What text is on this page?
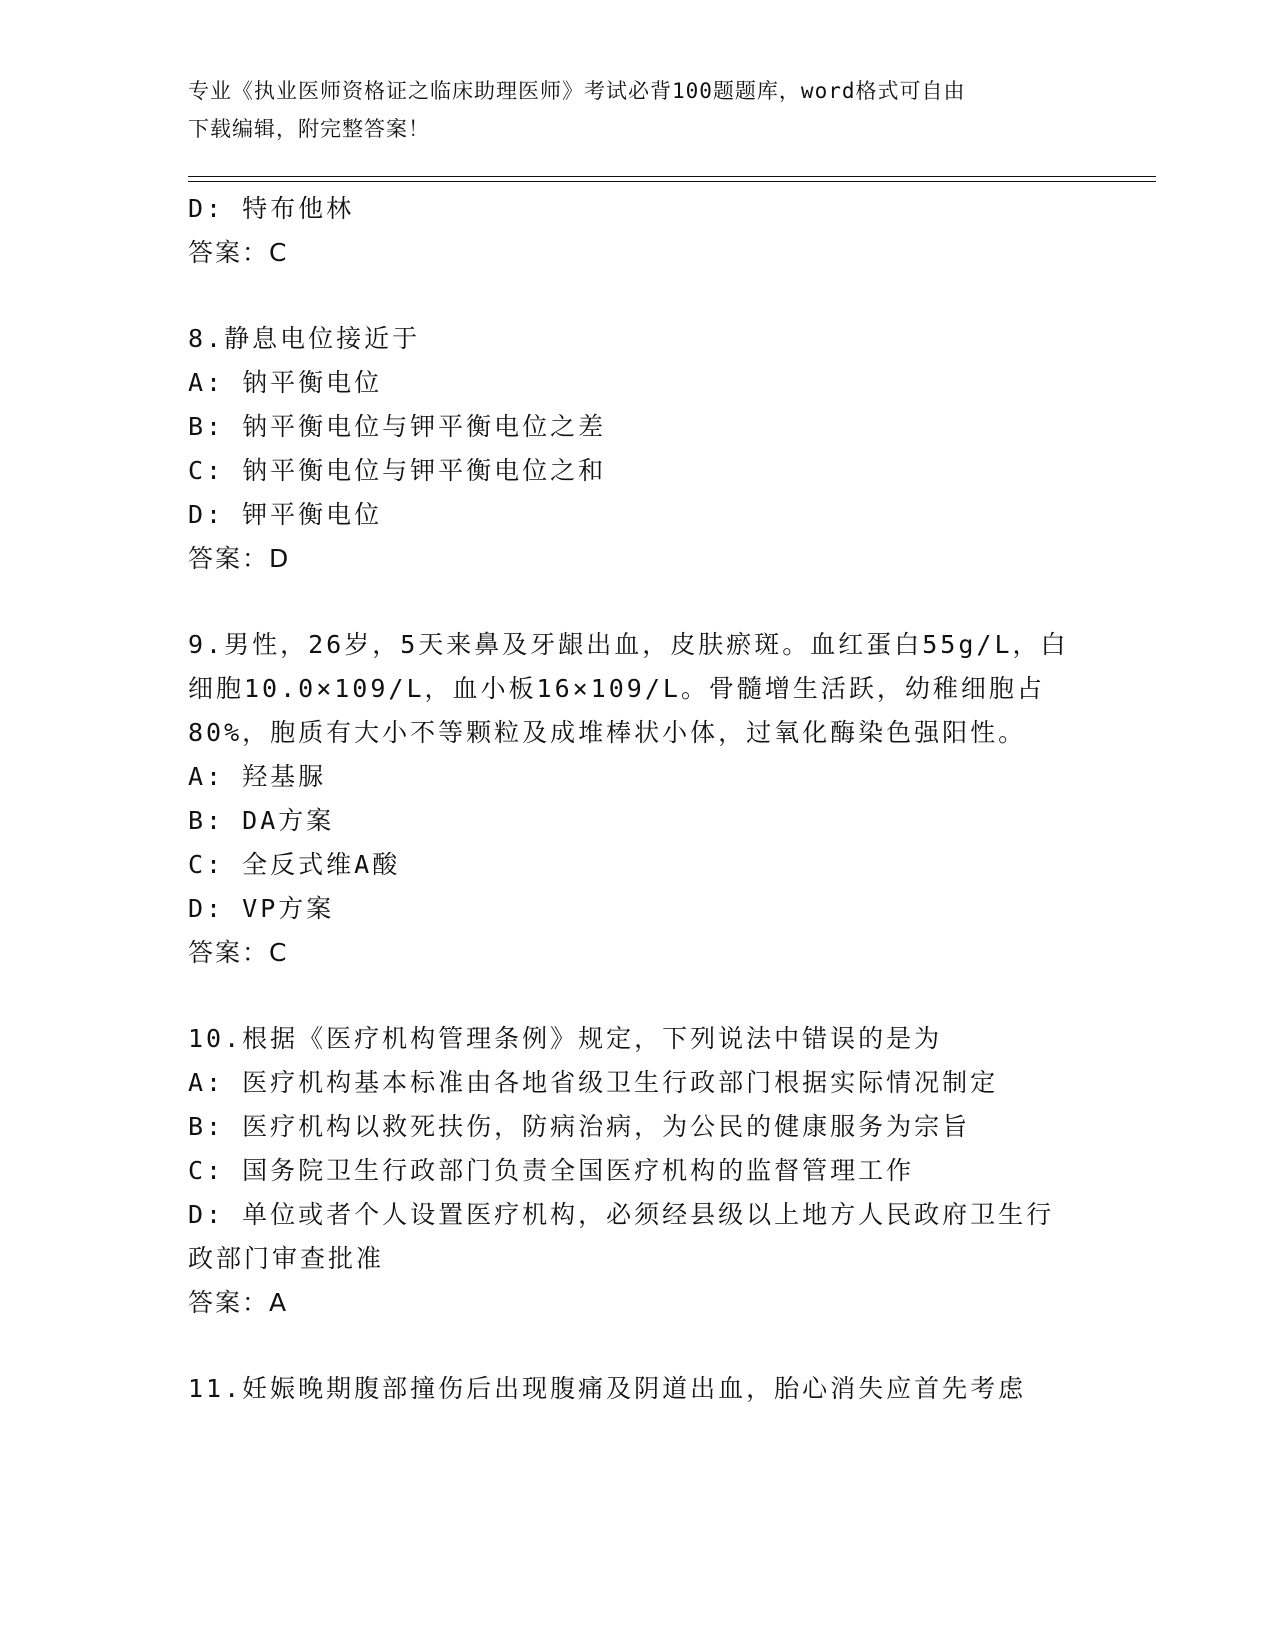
专业《执业医师资格证之临床助理医师》考试必背100题题库，word格式可自由
下载编辑，附完整答案！
D: 特布他林
答案：C
8.静息电位接近于
A: 钠平衡电位
B: 钠平衡电位与钾平衡电位之差
C: 钠平衡电位与钾平衡电位之和
D: 钾平衡电位
答案：D
9.男性，26岁，5天来鼻及牙龈出血，皮肤瘀斑。血红蛋白55g/L，白
细胞10.0×109/L，血小板16×109/L。骨髓增生活跃，幼稚细胞占
80%，胞质有大小不等颗粒及成堆棒状小体，过氧化酶染色强阳性。
A: 羟基脲
B: DA方案
C: 全反式维A酸
D: VP方案
答案：C
10.根据《医疗机构管理条例》规定，下列说法中错误的是为
A: 医疗机构基本标准由各地省级卫生行政部门根据实际情况制定
B: 医疗机构以救死扶伤，防病治病，为公民的健康服务为宗旨
C: 国务院卫生行政部门负责全国医疗机构的监督管理工作
D: 单位或者个人设置医疗机构，必须经县级以上地方人民政府卫生行
政部门审查批准
答案：A
11.妊娠晚期腹部撞伤后出现腹痛及阴道出血，胎心消失应首先考虑
